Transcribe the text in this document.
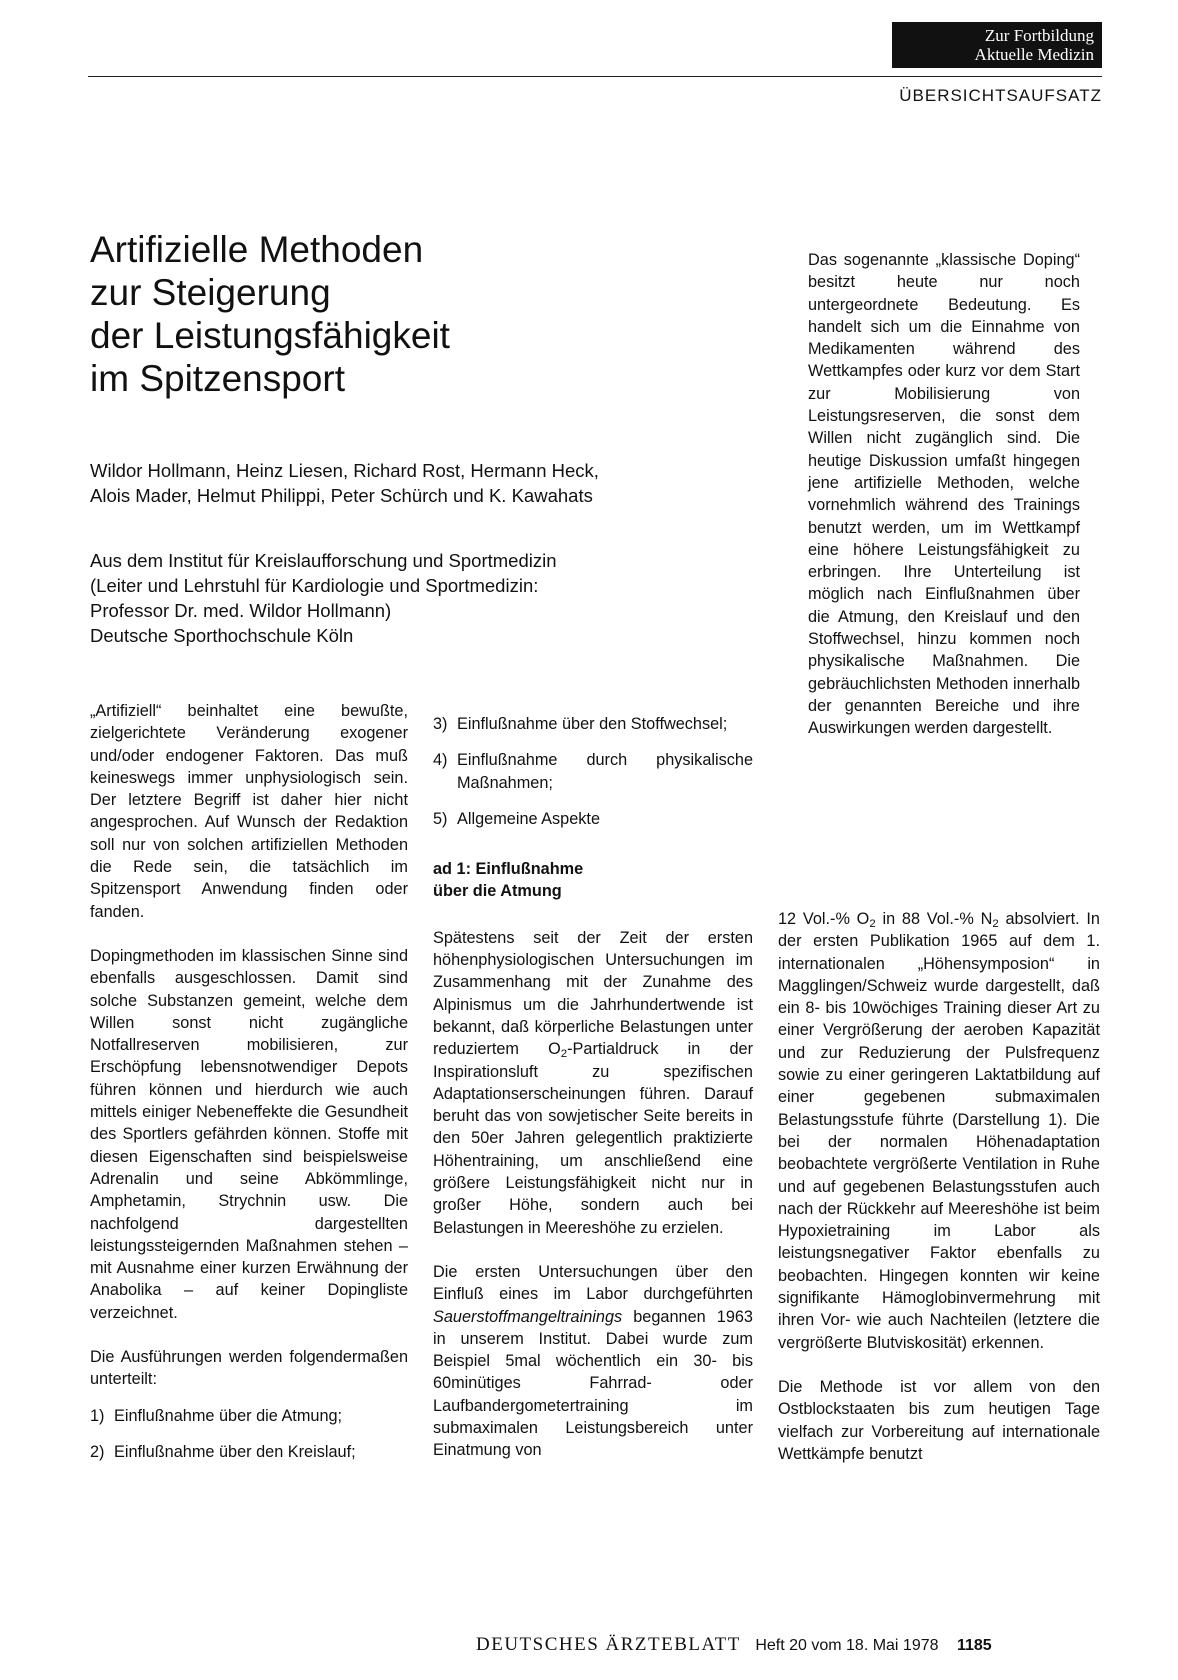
Zur Fortbildung
Aktuelle Medizin
ÜBERSICHTSAUFSATZ
Artifizielle Methoden
zur Steigerung
der Leistungsfähigkeit
im Spitzensport
Wildor Hollmann, Heinz Liesen, Richard Rost, Hermann Heck,
Alois Mader, Helmut Philippi, Peter Schürch und K. Kawahats
Aus dem Institut für Kreislaufforschung und Sportmedizin
(Leiter und Lehrstuhl für Kardiologie und Sportmedizin:
Professor Dr. med. Wildor Hollmann)
Deutsche Sporthochschule Köln

Das sogenannte „klassische Doping“ besitzt heute nur noch untergeordnete Bedeutung. Es handelt sich um die Einnahme von Medikamenten während des Wettkampfes oder kurz vor dem Start zur Mobilisierung von Leistungsreserven, die sonst dem Willen nicht zugänglich sind. Die heutige Diskussion umfaßt hingegen jene artifizielle Methoden, welche vornehmlich während des Trainings benutzt werden, um im Wettkampf eine höhere Leistungsfähigkeit zu erbringen. Ihre Unterteilung ist möglich nach Einflußnahmen über die Atmung, den Kreislauf und den Stoffwechsel, hinzu kommen noch physikalische Maßnahmen. Die gebräuchlichsten Methoden innerhalb der genannten Bereiche und ihre Auswirkungen werden dargestellt.

„Artifiziell“ beinhaltet eine bewußte, zielgerichtete Veränderung exogener und/oder endogener Faktoren. Das muß keineswegs immer unphysiologisch sein. Der letztere Begriff ist daher hier nicht angesprochen. Auf Wunsch der Redaktion soll nur von solchen artifiziellen Methoden die Rede sein, die tatsächlich im Spitzensport Anwendung finden oder fanden.

Dopingmethoden im klassischen Sinne sind ebenfalls ausgeschlossen. Damit sind solche Substanzen gemeint, welche dem Willen sonst nicht zugängliche Notfallreserven mobilisieren, zur Erschöpfung lebensnotwendiger Depots führen können und hierdurch wie auch mittels einiger Nebeneffekte die Gesundheit des Sportlers gefährden können. Stoffe mit diesen Eigenschaften sind beispielsweise Adrenalin und seine Abkömmlinge, Amphetamin, Strychnin usw. Die nachfolgend dargestellten leistungssteigernden Maßnahmen stehen – mit Ausnahme einer kurzen Erwähnung der Anabolika – auf keiner Dopingliste verzeichnet.

Die Ausführungen werden folgendermaßen unterteilt:

1) Einflußnahme über die Atmung;
2) Einflußnahme über den Kreislauf;
3) Einflußnahme über den Stoffwechsel;
4) Einflußnahme durch physikalische Maßnahmen;
5) Allgemeine Aspekte
ad 1: Einflußnahme
über die Atmung

Spätestens seit der Zeit der ersten höhenphysiologischen Untersuchungen im Zusammenhang mit der Zunahme des Alpinismus um die Jahrhundertwende ist bekannt, daß körperliche Belastungen unter reduziertem $O_2$-Partialdruck in der Inspirationsluft zu spezifischen Adaptationserscheinungen führen. Darauf beruht das von sowjetischer Seite bereits in den 50er Jahren gelegentlich praktizierte Höhentraining, um anschließend eine größere Leistungsfähigkeit nicht nur in großer Höhe, sondern auch bei Belastungen in Meereshöhe zu erzielen.

Die ersten Untersuchungen über den Einfluß eines im Labor durchgeführten Sauerstoffmangeltrainings begannen 1963 in unserem Institut. Dabei wurde zum Beispiel 5mal wöchentlich ein 30- bis 60minütiges Fahrrad- oder Laufbandergometertraining im submaximalen Leistungsbereich unter Einatmung von

12 Vol.-% $O_2$ in 88 Vol.-% $N_2$ absolviert. In der ersten Publikation 1965 auf dem 1. internationalen „Höhensymposion“ in Magglingen/Schweiz wurde dargestellt, daß ein 8- bis 10wöchiges Training dieser Art zu einer Vergrößerung der aeroben Kapazität und zur Reduzierung der Pulsfrequenz sowie zu einer geringeren Laktatbildung auf einer gegebenen submaximalen Belastungsstufe führte (Darstellung 1). Die bei der normalen Höhenadaptation beobachtete vergrößerte Ventilation in Ruhe und auf gegebenen Belastungsstufen auch nach der Rückkehr auf Meereshöhe ist beim Hypoxietraining im Labor als leistungsnegativer Faktor ebenfalls zu beobachten. Hingegen konnten wir keine signifikante Hämoglobinvermehrung mit ihren Vor- wie auch Nachteilen (letztere die vergrößerte Blutviskosität) erkennen.

Die Methode ist vor allem von den Ostblockstaaten bis zum heutigen Tage vielfach zur Vorbereitung auf internationale Wettkämpfe benutzt

DEUTSCHES ÄRZTEBLATT Heft 20 vom 18. Mai 1978 1185
